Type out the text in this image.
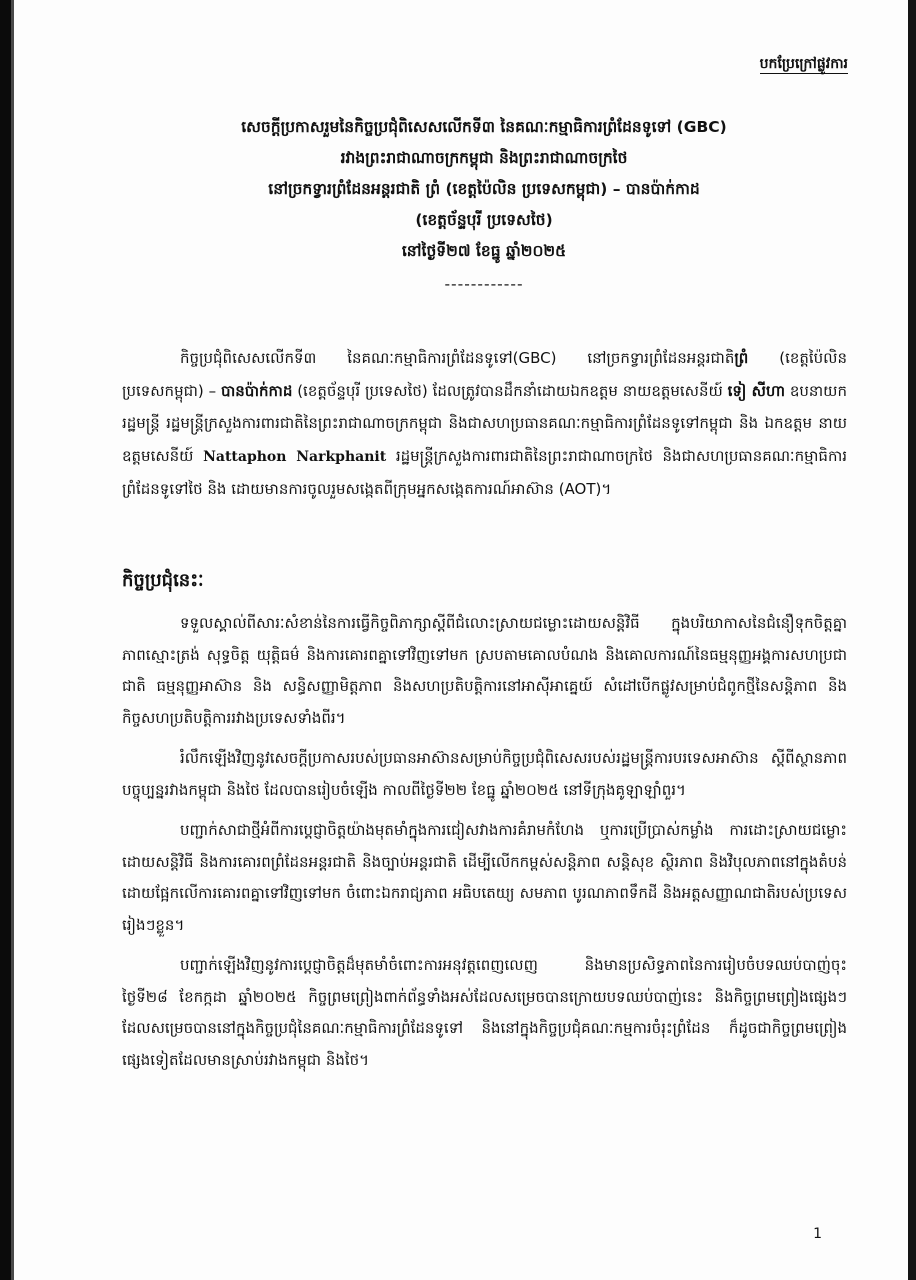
បកប្រែក្រៅផ្លូវការ
សេចក្តីប្រកាសរួមនៃកិច្ចប្រជុំពិសេសលើកទី៣ នៃគណៈកម្មាធិការព្រំដែនទូទៅ (GBC)
រវាងព្រះរាជាណាចក្រកម្ពុជា និងព្រះរាជាណាចក្រថៃ
នៅច្រកទ្វារព្រំដែនអន្តរជាតិ ព្រំ (ខេត្តប៉ៃលិន ប្រទេសកម្ពុជា) – បានប៉ាក់កាដ
(ខេត្តច័ន្ទបុរី ប្រទេសថៃ)
នៅថ្ងៃទី២៧ ខែធ្នូ ឆ្នាំ២០២៥
------------
កិច្ចប្រជុំពិសេសលើកទី៣ នៃគណៈកម្មាធិការព្រំដែនទូទៅ(GBC) នៅច្រកទ្វារព្រំដែនអន្តរជាតិព្រំ (ខេត្តប៉ៃលិន ប្រទេសកម្ពុជា) – បានប៉ាក់កាដ (ខេត្តច័ន្ទបុរី ប្រទេសថៃ) ដែលត្រូវបានដឹកនាំដោយឯកឧត្តម នាយឧត្តមសេនីយ៍ ទៀ សីហា ឧបនាយករដ្ឋមន្ត្រី រដ្ឋមន្ត្រីក្រសួងការពារជាតិនៃព្រះរាជាណាចក្រកម្ពុជា និងជាសហប្រធានគណៈកម្មាធិការព្រំដែនទូទៅកម្ពុជា និង ឯកឧត្តម នាយឧត្តមសេនីយ៍ Nattaphon Narkphanit រដ្ឋមន្ត្រីក្រសួងការពារជាតិនៃព្រះរាជាណាចក្រថៃ និងជាសហប្រធានគណៈកម្មាធិការព្រំដែនទូទៅថៃ និង ដោយមានការចូលរួមសង្កេតពីក្រុមអ្នកសង្កេតការណ៍អាស៊ាន (AOT)។
កិច្ចប្រជុំនេះៈ

ទទួលស្គាល់ពីសារៈសំខាន់នៃការធ្វើកិច្ចពិភាក្សាស្តីពីជំលោះស្រាយជម្លោះដោយសន្តិវិធី ក្នុងបរិយាកាសនៃជំនឿទុកចិត្តគ្នា ភាពស្មោះត្រង់ សុទ្ធចិត្ត យុត្តិធម៌ និងការគោរពគ្នាទៅវិញទៅមក ស្របតាមគោលបំណង និងគោលការណ៍នៃធម្មនុញ្ញអង្គការសហប្រជាជាតិ ធម្មនុញ្ញអាស៊ាន និង សន្ធិសញ្ញាមិត្តភាព និងសហប្រតិបត្តិការនៅអាស៊ីអាគ្នេយ៍ សំដៅបើកផ្លូវសម្រាប់ជំពូកថ្មីនៃសន្តិភាព និងកិច្ចសហប្រតិបត្តិការរវាងប្រទេសទាំងពីរ។

រំលឹកឡើងវិញនូវសេចក្តីប្រកាសរបស់ប្រធានអាស៊ានសម្រាប់កិច្ចប្រជុំពិសេសរបស់រដ្ឋមន្ត្រីការបរទេសអាស៊ាន ស្តីពីស្ថានភាពបច្ចុប្បន្នរវាងកម្ពុជា និងថៃ ដែលបានរៀបចំឡើង កាលពីថ្ងៃទី២២ ខែធ្នូ ឆ្នាំ២០២៥ នៅទីក្រុងគូឡាឡាំពួរ។

បញ្ជាក់សាជាថ្មីអំពីការប្តេជ្ញាចិត្តយ៉ាងមុតមាំក្នុងការជៀសវាងការគំរាមកំហែង ឬការប្រើប្រាស់កម្លាំង ការដោះស្រាយជម្លោះដោយសន្តិវិធី និងការគោរពព្រំដែនអន្តរជាតិ និងច្បាប់អន្តរជាតិ ដើម្បីលើកកម្ពស់សន្តិភាព សន្តិសុខ ស្ថិរភាព និងវិបុលភាពនៅក្នុងតំបន់ ដោយផ្អែកលើការគោរពគ្នាទៅវិញទៅមក ចំពោះឯករាជ្យភាព អធិបតេយ្យ សមភាព បូរណភាពទឹកដី និងអត្តសញ្ញាណជាតិរបស់ប្រទេសរៀងៗខ្លួន។

បញ្ជាក់ឡើងវិញនូវការប្តេជ្ញាចិត្តដ៏មុតមាំចំពោះការអនុវត្តពេញលេញ និងមានប្រសិទ្ធភាពនៃការរៀបចំបទឈប់បាញ់ចុះថ្ងៃទី២៨ ខែកក្កដា ឆ្នាំ២០២៥ កិច្ចព្រមព្រៀងពាក់ព័ន្ធទាំងអស់ដែលសម្រេចបានក្រោយបទឈប់បាញ់នេះ និងកិច្ចព្រមព្រៀងផ្សេងៗដែលសម្រេចបាននៅក្នុងកិច្ចប្រជុំនៃគណៈកម្មាធិការព្រំដែនទូទៅ និងនៅក្នុងកិច្ចប្រជុំគណៈកម្មការចំរុះព្រំដែន ក៏ដូចជាកិច្ចព្រមព្រៀងផ្សេងទៀតដែលមានស្រាប់រវាងកម្ពុជា និងថៃ។

1
